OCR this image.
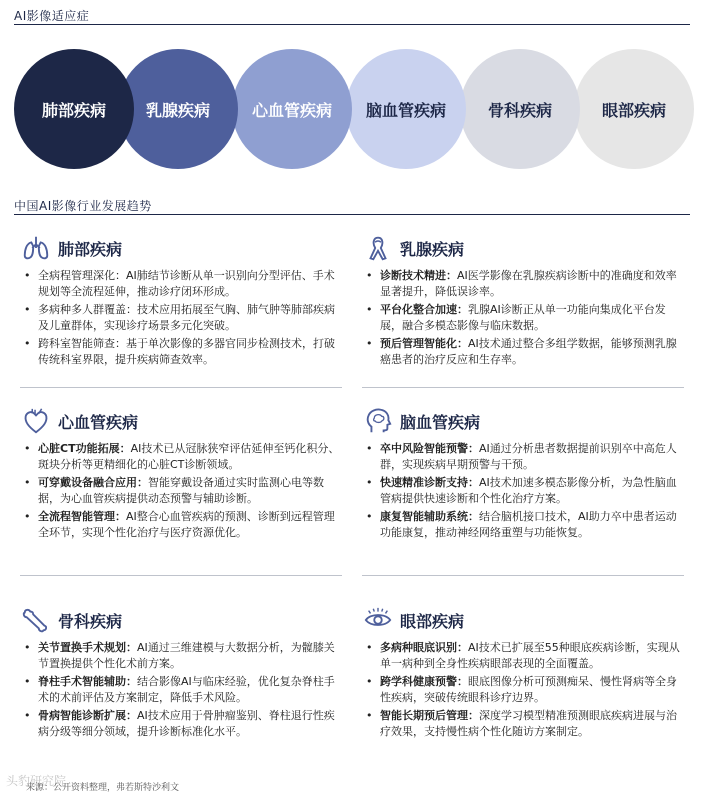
AI影像适应症
肺部疾病 乳腺疾病	心血管疾病 脑血管疾病	骨科疾病	眼部疾病
中国AI影像行业发展趋势
肺部疾病
• 全病程管理深化：AI肺结节诊断从单一识别向分型评估、手术规划等全流程延伸，推动诊疗闭环形成。
• 多病种多人群覆盖：技术应用拓展至气胸、肺气肿等肺部疾病及儿童群体，实现诊疗场景多元化突破。
• 跨科室智能筛查：基于单次影像的多器官同步检测技术，打破传统科室界限，提升疾病筛查效率。
乳腺疾病
• 诊断技术精进：AI医学影像在乳腺疾病诊断中的准确度和效率显著提升，降低误诊率。
• 平台化整合加速：乳腺AI诊断正从单一功能向集成化平台发展，融合多模态影像与临床数据。
• 预后管理智能化：AI技术通过整合多组学数据，能够预测乳腺癌患者的治疗反应和生存率。
心血管疾病
• 心脏CT功能拓展：AI技术已从冠脉狭窄评估延伸至钙化积分、斑块分析等更精细化的心脏CT诊断领域。
• 可穿戴设备融合应用：智能穿戴设备通过实时监测心电等数据，为心血管疾病提供动态预警与辅助诊断。
• 全流程智能管理：AI整合心血管疾病的预测、诊断到远程管理全环节，实现个性化治疗与医疗资源优化。
脑血管疾病
• 卒中风险智能预警：AI通过分析患者数据提前识别卒中高危人群，实现疾病早期预警与干预。
• 快速精准诊断支持：AI技术加速多模态影像分析，为急性脑血管病提供快速诊断和个性化治疗方案。
• 康复智能辅助系统：结合脑机接口技术，AI助力卒中患者运动功能康复，推动神经网络重塑与功能恢复。
骨科疾病
• 关节置换手术规划：AI通过三维建模与大数据分析，为髋膝关节置换提供个性化术前方案。
• 脊柱手术智能辅助：结合影像AI与临床经验，优化复杂脊柱手术的术前评估及方案制定，降低手术风险。
• 骨病智能诊断扩展：AI技术应用于骨肿瘤鉴别、脊柱退行性疾病分级等细分领域，提升诊断标准化水平。
眼部疾病
• 多病种眼底识别：AI技术已扩展至55种眼底疾病诊断，实现从单一病种到全身性疾病眼部表现的全面覆盖。
• 跨学科健康预警：眼底图像分析可预测痴呆、慢性肾病等全身性疾病，突破传统眼科诊疗边界。
• 智能长期预后管理：深度学习模型精准预测眼底疾病进展与治疗效果，支持慢性病个性化随访方案制定。
头豹研究院
来源：公开资料整理，弗若斯特沙利文
